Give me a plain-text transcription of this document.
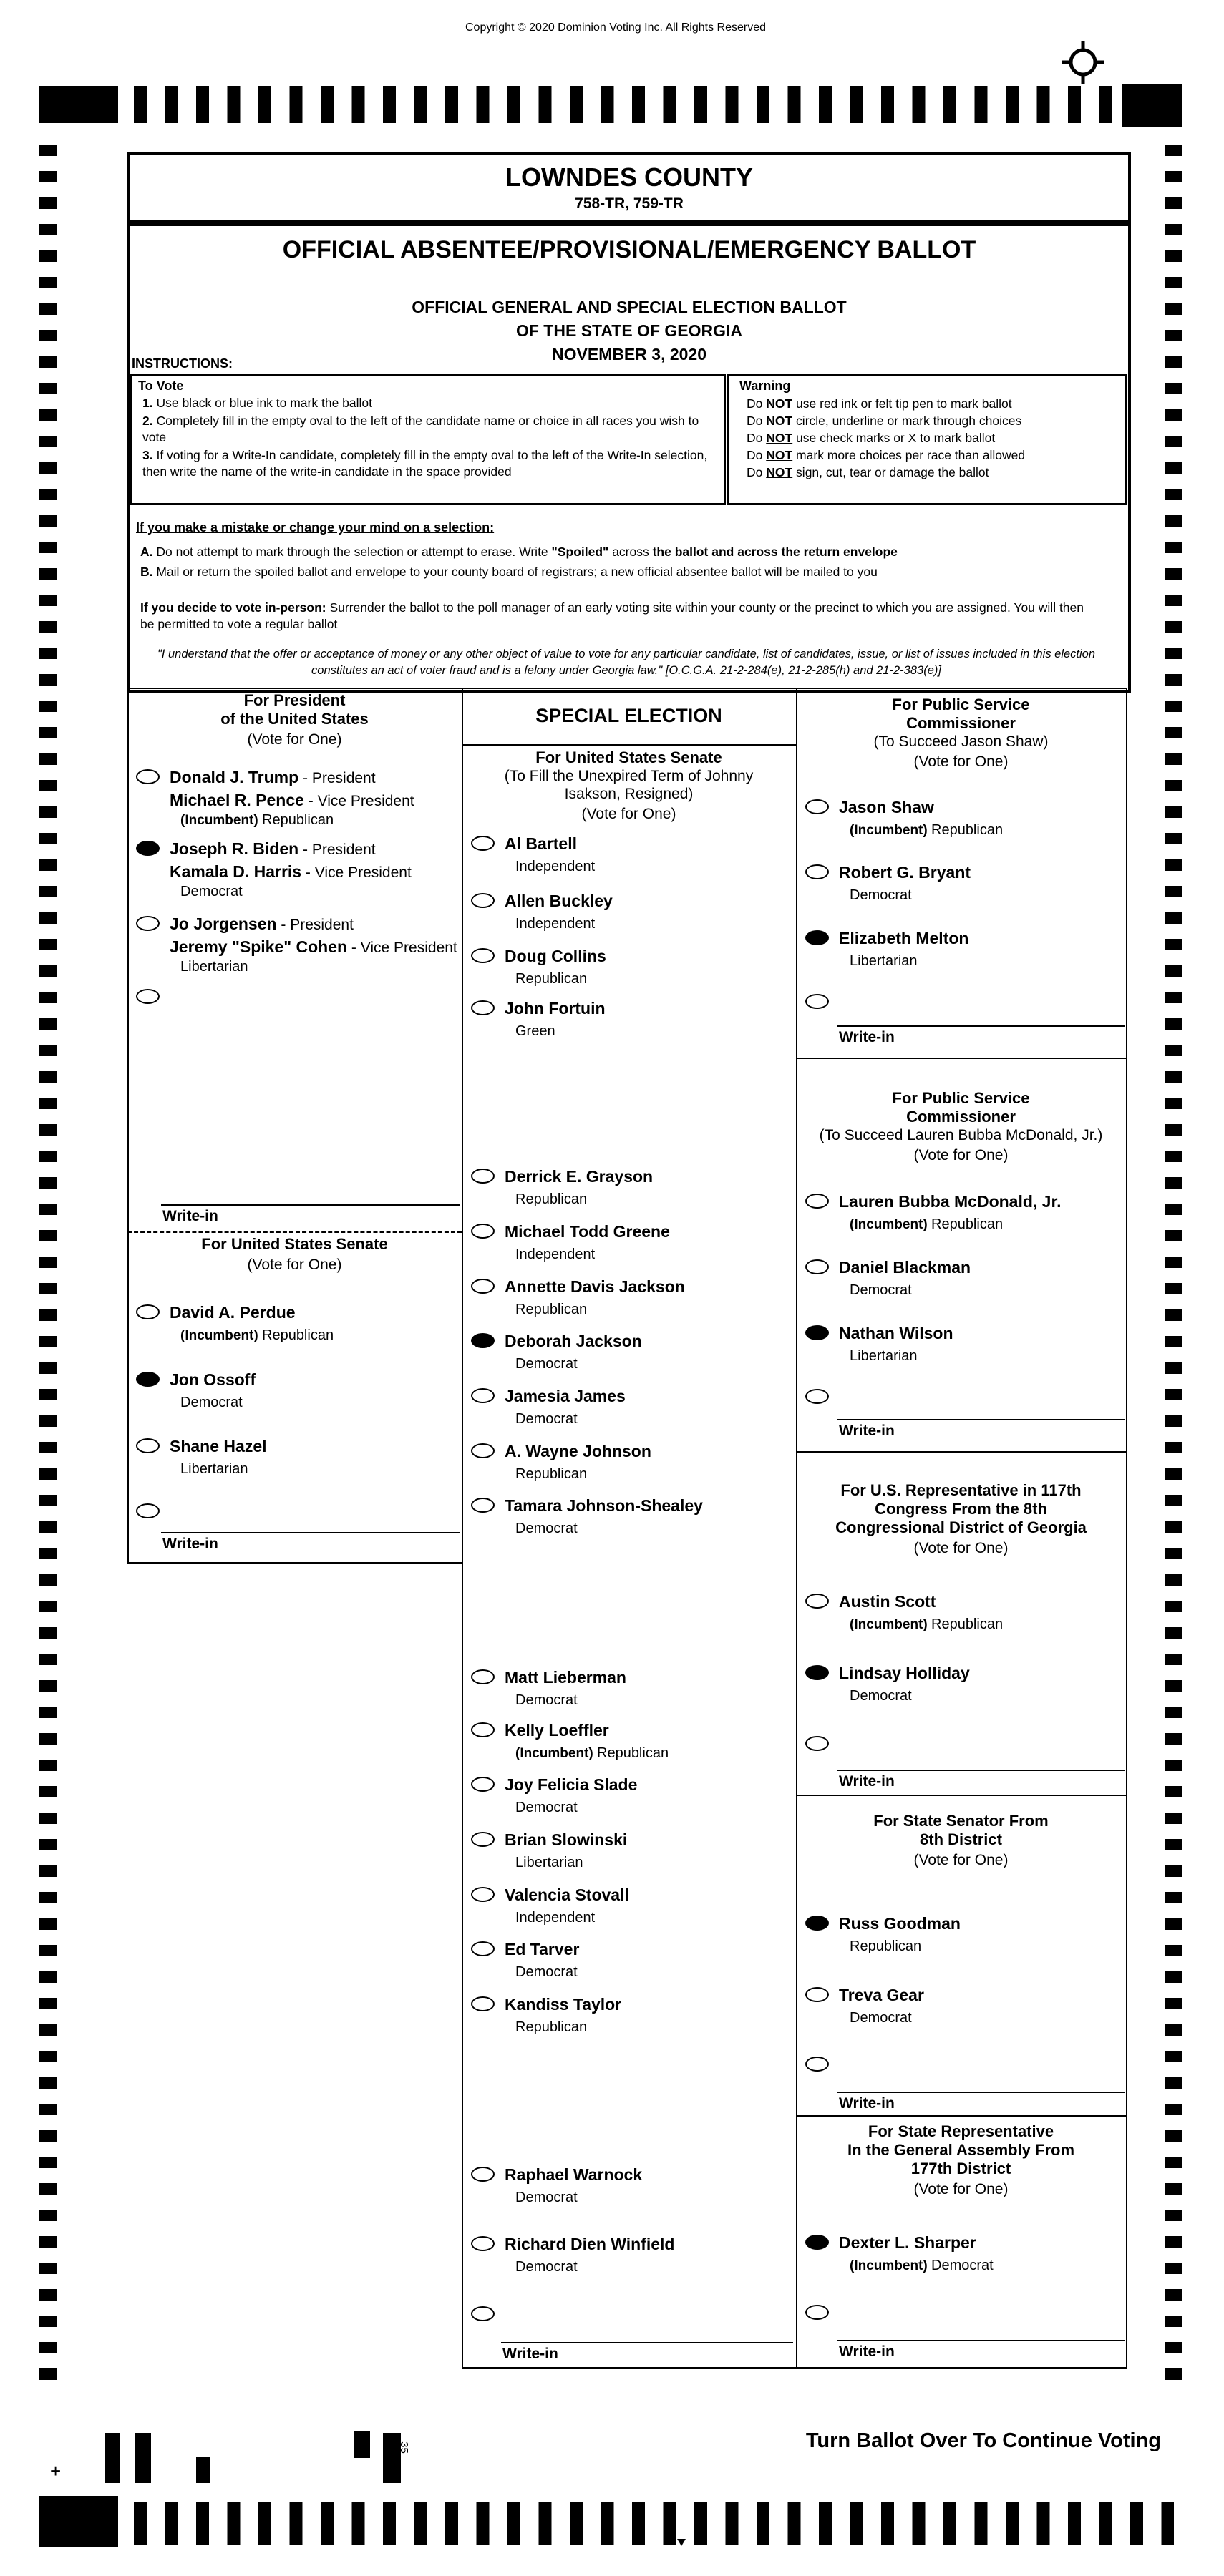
Copyright © 2020 Dominion Voting Inc. All Rights Reserved
35
+
LOWNDES COUNTY
758-TR, 759-TR
OFFICIAL ABSENTEE/PROVISIONAL/EMERGENCY BALLOT
OFFICIAL GENERAL AND SPECIAL ELECTION BALLOT
OF THE STATE OF GEORGIA
NOVEMBER 3, 2020
INSTRUCTIONS:
To Vote
1. Use black or blue ink to mark the ballot
2. Completely fill in the empty oval to the left of the candidate name or choice in all races you wish to vote
3. If voting for a Write-In candidate, completely fill in the empty oval to the left of the Write-In selection, then write the name of the write-in candidate in the space provided
Warning
Do NOT use red ink or felt tip pen to mark ballot
Do NOT circle, underline or mark through choices
Do NOT use check marks or X to mark ballot
Do NOT mark more choices per race than allowed
Do NOT sign, cut, tear or damage the ballot
If you make a mistake or change your mind on a selection:
A. Do not attempt to mark through the selection or attempt to erase. Write "Spoiled" across the ballot and across the return envelope
B. Mail or return the spoiled ballot and envelope to your county board of registrars; a new official absentee ballot will be mailed to you
If you decide to vote in-person: Surrender the ballot to the poll manager of an early voting site within your county or the precinct to which you are assigned. You will then be permitted to vote a regular ballot
"I understand that the offer or acceptance of money or any other object of value to vote for any particular candidate, list of candidates, issue, or list of issues included in this election constitutes an act of voter fraud and is a felony under Georgia law." [O.C.G.A. 21-2-284(e), 21-2-285(h) and 21-2-383(e)]
SPECIAL ELECTION
For President
of the United States
(Vote for One)
Donald J. Trump - President
Michael R. Pence - Vice President
(Incumbent) Republican
Joseph R. Biden - President
Kamala D. Harris - Vice President
Democrat
Jo Jorgensen - President
Jeremy "Spike" Cohen - Vice President
Libertarian
Write-in
For United States Senate
(Vote for One)
David A. Perdue
(Incumbent) Republican
Jon Ossoff
Democrat
Shane Hazel
Libertarian
Write-in
For United States Senate
(To Fill the Unexpired Term of Johnny
Isakson, Resigned)
(Vote for One)
Al Bartell
Independent
Allen Buckley
Independent
Doug Collins
Republican
John Fortuin
Green
Derrick E. Grayson
Republican
Michael Todd Greene
Independent
Annette Davis Jackson
Republican
Deborah Jackson
Democrat
Jamesia James
Democrat
A. Wayne Johnson
Republican
Tamara Johnson-Shealey
Democrat
Matt Lieberman
Democrat
Kelly Loeffler
(Incumbent) Republican
Joy Felicia Slade
Democrat
Brian Slowinski
Libertarian
Valencia Stovall
Independent
Ed Tarver
Democrat
Kandiss Taylor
Republican
Raphael Warnock
Democrat
Richard Dien Winfield
Democrat
Write-in
For Public Service
Commissioner
(To Succeed Jason Shaw)
(Vote for One)
Jason Shaw
(Incumbent) Republican
Robert G. Bryant
Democrat
Elizabeth Melton
Libertarian
Write-in
For Public Service
Commissioner
(To Succeed Lauren Bubba McDonald, Jr.)
(Vote for One)
Lauren Bubba McDonald, Jr.
(Incumbent) Republican
Daniel Blackman
Democrat
Nathan Wilson
Libertarian
Write-in
For U.S. Representative in 117th
Congress From the 8th
Congressional District of Georgia
(Vote for One)
Austin Scott
(Incumbent) Republican
Lindsay Holliday
Democrat
Write-in
For State Senator From
8th District
(Vote for One)
Russ Goodman
Republican
Treva Gear
Democrat
Write-in
For State Representative
In the General Assembly From
177th District
(Vote for One)
Dexter L. Sharper
(Incumbent) Democrat
Write-in
Turn Ballot Over To Continue Voting
